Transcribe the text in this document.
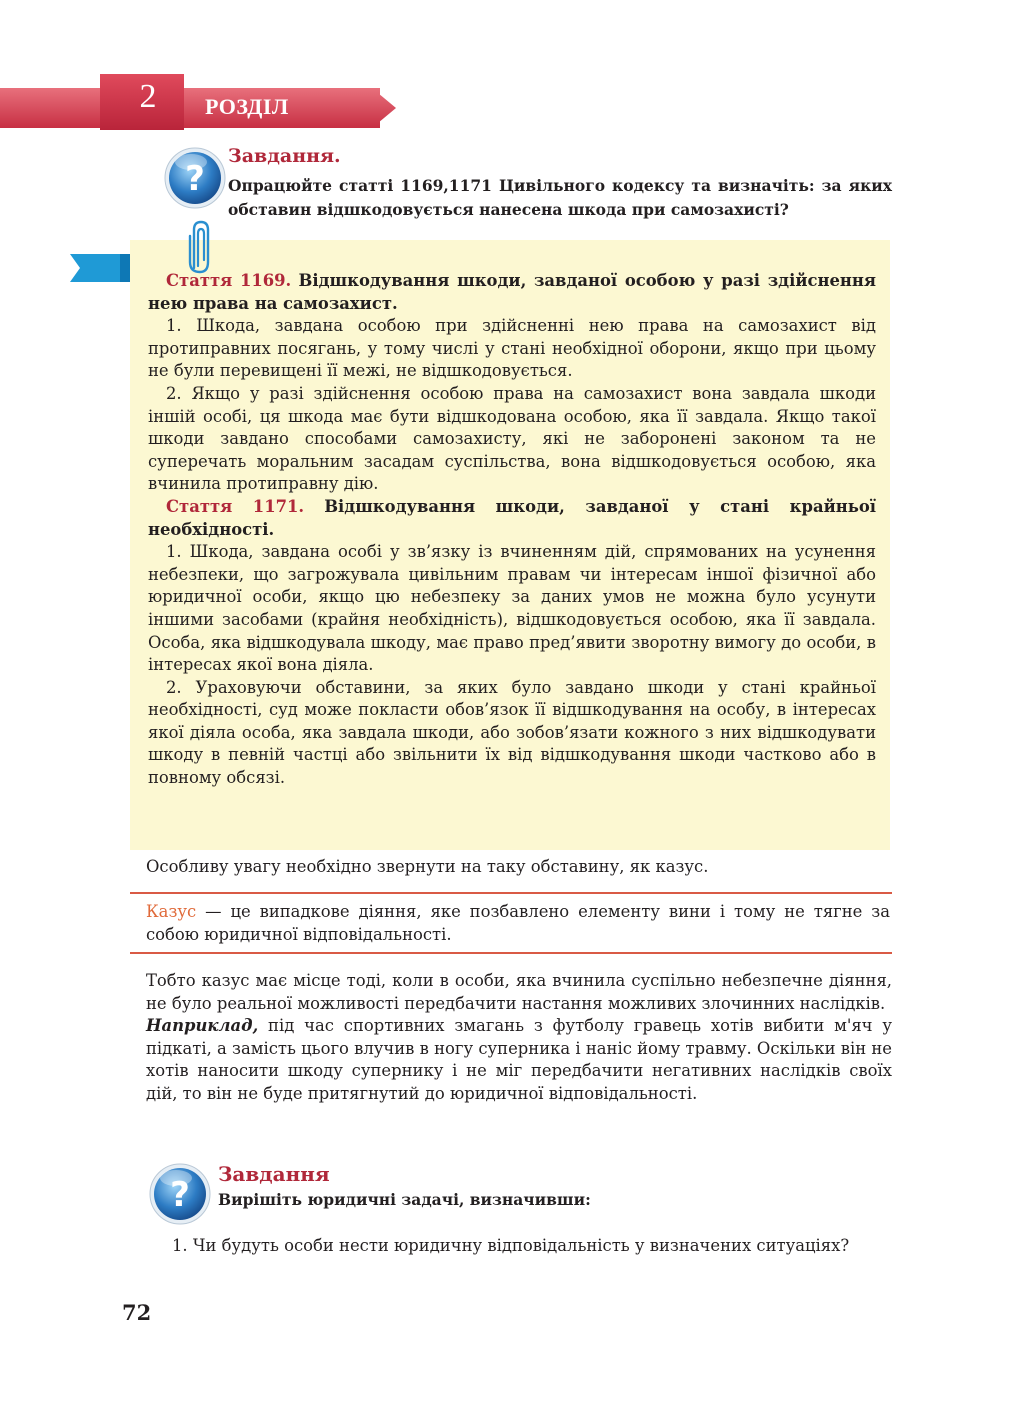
2	РОЗДІЛ
?
Завдання.
Опрацюйте статті 1169,1171 Цивільного кодексу та визначіть: за яких обставин відшкодовується нанесена шкода при самозахисті?

Стаття 1169. Відшкодування шкоди, завданої особою у разі здійснення нею права на самозахист.

1. Шкода, завдана особою при здійсненні нею права на самозахист від протиправних посягань, у тому числі у стані необхідної оборони, якщо при цьому не були перевищені її межі, не відшкодовується.

2. Якщо у разі здійснення особою права на самозахист вона завдала шкоди іншій особі, ця шкода має бути відшкодована особою, яка її завдала. Якщо такої шкоди завдано способами самозахисту, які не заборонені законом та не суперечать моральним засадам суспільства, вона відшкодовується особою, яка вчинила протиправну дію.

Стаття 1171. Відшкодування шкоди, завданої у стані крайньої необхідності.

1. Шкода, завдана особі у зв’язку із вчиненням дій, спрямованих на усунення небезпеки, що загрожувала цивільним правам чи інтересам іншої фізичної або юридичної особи, якщо цю небезпеку за даних умов не можна було усунути іншими засобами (крайня необхідність), відшкодовується особою, яка її завдала. Особа, яка відшкодувала шкоду, має право пред’явити зворотну вимогу до особи, в інтересах якої вона діяла.

2. Ураховуючи обставини, за яких було завдано шкоди у стані крайньої необхідності, суд може покласти обов’язок її відшкодування на особу, в інтересах якої діяла особа, яка завдала шкоди, або зобов’язати кожного з них відшкодувати шкоду в певній частці або звільнити їх від відшкодування шкоди частково або в повному обсязі.

Особливу увагу необхідно звернути на таку обставину, як казус.

Казус — це випадкове діяння, яке позбавлено елементу вини і тому не тягне за собою юридичної відповідальності.

Тобто казус має місце тоді, коли в особи, яка вчинила суспільно небезпечне діяння, не було реальної можливості передбачити настання можливих злочинних наслідків.

Наприклад, під час спортивних змагань з футболу гравець хотів вибити м'яч у підкаті, а замість цього влучив в ногу суперника і наніс йому травму. Оскільки він не хотів наносити шкоду супернику і не міг передбачити негативних наслідків своїх дій, то він не буде притягнутий до юридичної відповідальності.

?
Завдання
Вирішіть юридичні задачі, визначивши:

1. Чи будуть особи нести юридичну відповідальність у визначених ситуаціях?

72
